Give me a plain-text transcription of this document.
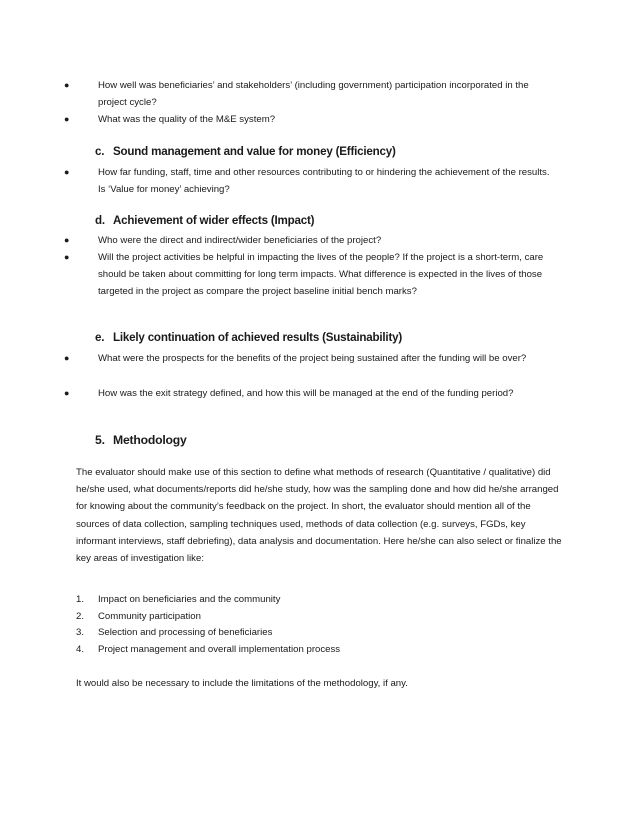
●	How well was beneficiaries’ and stakeholders’ (including government) participation incorporated in the project cycle?
●	What was the quality of the M&E system?
c. Sound management and value for money (Efficiency)
●	How far funding, staff, time and other resources contributing to or hindering the achievement of the results. Is ‘Value for money’ achieving?
d. Achievement of wider effects (Impact)
●	Who were the direct and indirect/wider beneficiaries of the project?
●	Will the project activities be helpful in impacting the lives of the people? If the project is a short-term, care should be taken about committing for long term impacts. What difference is expected in the lives of those targeted in the project as compare the project baseline initial bench marks?
e. Likely continuation of achieved results (Sustainability)
●	What were the prospects for the benefits of the project being sustained after the funding will be over?
●	How was the exit strategy defined, and how this will be managed at the end of the funding period?
5. Methodology
The evaluator should make use of this section to define what methods of research (Quantitative / qualitative) did he/she used, what documents/reports did he/she study, how was the sampling done and how did he/she arranged for knowing about the community’s feedback on the project. In short, the evaluator should mention all of the sources of data collection, sampling techniques used, methods of data collection (e.g. surveys, FGDs, key informant interviews, staff debriefing), data analysis and documentation. Here he/she can also select or finalize the key areas of investigation like:
1. Impact on beneficiaries and the community
2. Community participation
3. Selection and processing of beneficiaries
4. Project management and overall implementation process
It would also be necessary to include the limitations of the methodology, if any.
